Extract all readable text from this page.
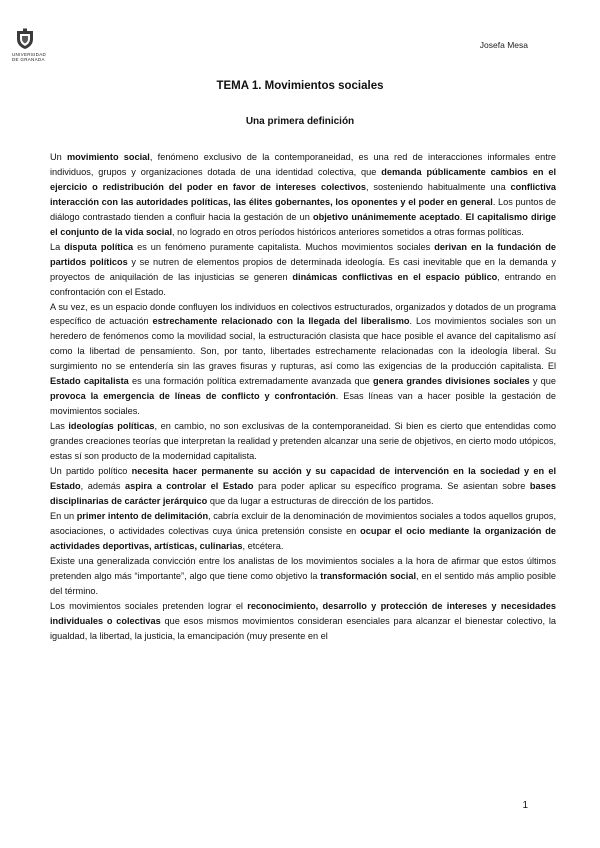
UNIVERSIDAD
DE GRANADA
Josefa Mesa
TEMA 1. Movimientos sociales
Una primera definición

Un movimiento social, fenómeno exclusivo de la contemporaneidad, es una red de interacciones informales entre individuos, grupos y organizaciones dotada de una identidad colectiva, que demanda públicamente cambios en el ejercicio o redistribución del poder en favor de intereses colectivos, sosteniendo habitualmente una conflictiva interacción con las autoridades políticas, las élites gobernantes, los oponentes y el poder en general. Los puntos de diálogo contrastado tienden a confluir hacia la gestación de un objetivo unánimemente aceptado. El capitalismo dirige el conjunto de la vida social, no logrado en otros períodos históricos anteriores sometidos a otras formas políticas.

La disputa política es un fenómeno puramente capitalista. Muchos movimientos sociales derivan en la fundación de partidos políticos y se nutren de elementos propios de determinada ideología. Es casi inevitable que en la demanda y proyectos de aniquilación de las injusticias se generen dinámicas conflictivas en el espacio público, entrando en confrontación con el Estado.

A su vez, es un espacio donde confluyen los individuos en colectivos estructurados, organizados y dotados de un programa específico de actuación estrechamente relacionado con la llegada del liberalismo. Los movimientos sociales son un heredero de fenómenos como la movilidad social, la estructuración clasista que hace posible el avance del capitalismo así como la libertad de pensamiento. Son, por tanto, libertades estrechamente relacionadas con la ideología liberal. Su surgimiento no se entendería sin las graves fisuras y rupturas, así como las exigencias de la producción capitalista. El Estado capitalista es una formación política extremadamente avanzada que genera grandes divisiones sociales y que provoca la emergencia de líneas de conflicto y confrontación. Esas líneas van a hacer posible la gestación de movimientos sociales.

Las ideologías políticas, en cambio, no son exclusivas de la contemporaneidad. Si bien es cierto que entendidas como grandes creaciones teorías que interpretan la realidad y pretenden alcanzar una serie de objetivos, en cierto modo utópicos, estas sí son producto de la modernidad capitalista.

Un partido político necesita hacer permanente su acción y su capacidad de intervención en la sociedad y en el Estado, además aspira a controlar el Estado para poder aplicar su específico programa. Se asientan sobre bases disciplinarias de carácter jerárquico que da lugar a estructuras de dirección de los partidos.

En un primer intento de delimitación, cabría excluir de la denominación de movimientos sociales a todos aquellos grupos, asociaciones, o actividades colectivas cuya única pretensión consiste en ocupar el ocio mediante la organización de actividades deportivas, artísticas, culinarias, etcétera.

Existe una generalizada convicción entre los analistas de los movimientos sociales a la hora de afirmar que estos últimos pretenden algo más “importante”, algo que tiene como objetivo la transformación social, en el sentido más amplio posible del término.

Los movimientos sociales pretenden lograr el reconocimiento, desarrollo y protección de intereses y necesidades individuales o colectivas que esos mismos movimientos consideran esenciales para alcanzar el bienestar colectivo, la igualdad, la libertad, la justicia, la emancipación (muy presente en el

1
